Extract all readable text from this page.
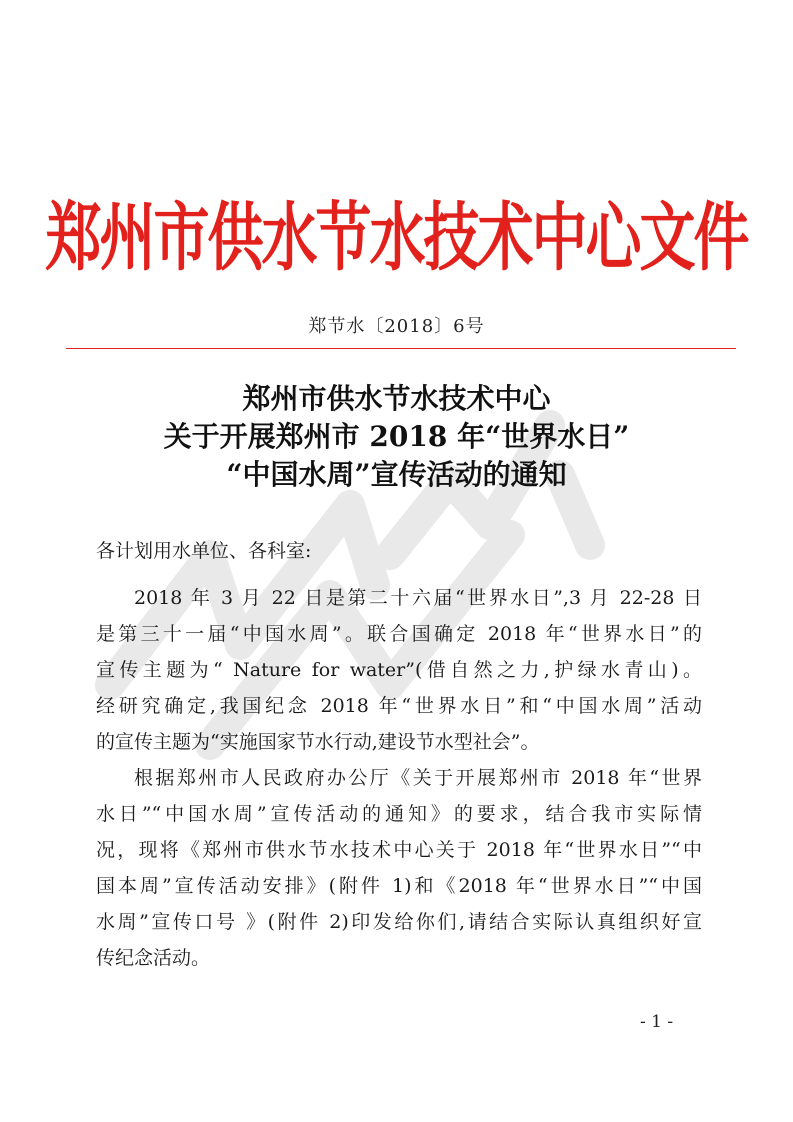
郑州市供水节水技术中心文件
郑节水〔2018〕6号
郑州市供水节水技术中心
关于开展郑州市 2018 年“世界水日”
“中国水周”宣传活动的通知
各计划用水单位、各科室:
2018 年 3 月 22 日是第二十六届“世界水日”,3 月 22-28 日
是第三十一届“中国水周”。联合国确定 2018 年“世界水日”的
宣传主题为“ Nature for water”(借自然之力,护绿水青山)。
经研究确定,我国纪念 2018 年“世界水日”和“中国水周”活动
的宣传主题为“实施国家节水行动,建设节水型社会”。
根据郑州市人民政府办公厅《关于开展郑州市 2018 年“世界
水日”“中国水周”宣传活动的通知》的要求，结合我市实际情
况，现将《郑州市供水节水技术中心关于 2018 年“世界水日”“中
国本周”宣传活动安排》(附件 1)和《2018 年“世界水日”“中国
水周”宣传口号 》(附件 2)印发给你们,请结合实际认真组织好宣
传纪念活动。
- 1 -
